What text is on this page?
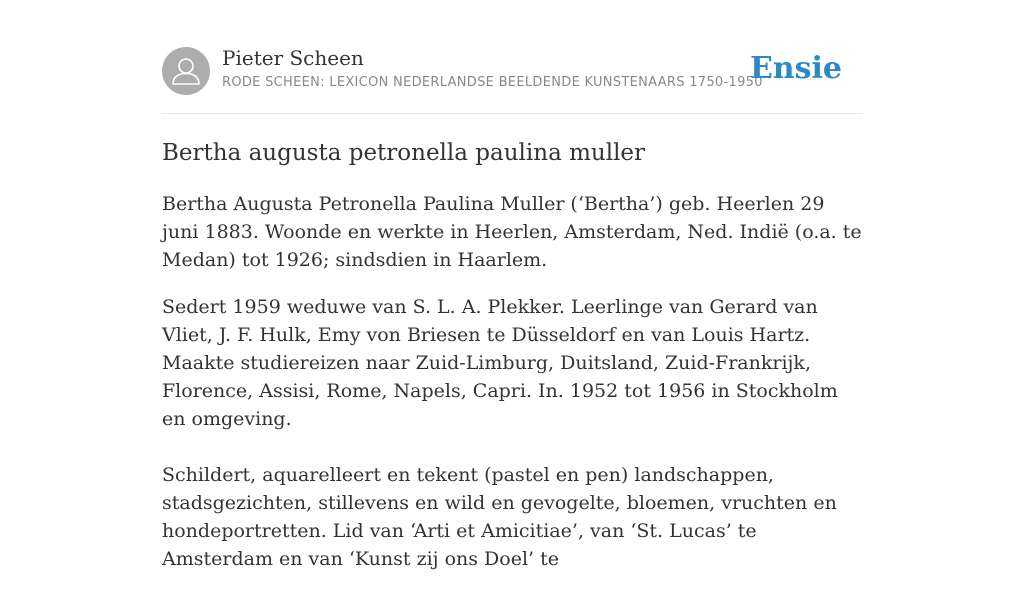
Pieter Scheen
RODE SCHEEN: LEXICON NEDERLANDSE BEELDENDE KUNSTENAARS 1750-1950
Ensie
Bertha augusta petronella paulina muller

Bertha Augusta Petronella Paulina Muller (‘Bertha’) geb. Heerlen 29 juni 1883. Woonde en werkte in Heerlen, Amsterdam, Ned. Indië (o.a. te Medan) tot 1926; sindsdien in Haarlem.

Sedert 1959 weduwe van S. L. A. Plekker. Leerlinge van Gerard van Vliet, J. F. Hulk, Emy von Briesen te Düsseldorf en van Louis Hartz. Maakte studiereizen naar Zuid-Limburg, Duitsland, Zuid-Frankrijk, Florence, Assisi, Rome, Napels, Capri. In. 1952 tot 1956 in Stockholm en omgeving.

Schildert, aquarelleert en tekent (pastel en pen) landschappen, stadsgezichten, stillevens en wild en gevogelte, bloemen, vruchten en hondeportretten. Lid van ‘Arti et Amicitiae’, van ‘St. Lucas’ te Amsterdam en van ‘Kunst zij ons Doel’ te
